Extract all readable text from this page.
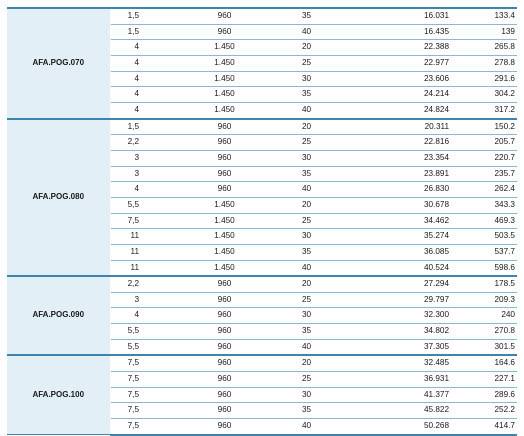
AFA.POG.070	1,5	960	35	16.031	133.4
	1,5	960	40	16.435	139
	4	1.450	20	22.388	265.8
	4	1.450	25	22.977	278.8
	4	1.450	30	23.606	291.6
	4	1.450	35	24.214	304.2
	4	1.450	40	24.824	317.2
AFA.POG.080	1,5	960	20	20.311	150.2
	2,2	960	25	22.816	205.7
	3	960	30	23.354	220.7
	3	960	35	23.891	235.7
	4	960	40	26.830	262.4
	5,5	1.450	20	30.678	343.3
	7,5	1.450	25	34.462	469.3
	11	1.450	30	35.274	503.5
	11	1.450	35	36.085	537.7
	11	1.450	40	40.524	598.6
AFA.POG.090	2,2	960	20	27.294	178.5
	3	960	25	29.797	209.3
	4	960	30	32.300	240
	5,5	960	35	34.802	270.8
	5,5	960	40	37.305	301.5
AFA.POG.100	7,5	960	20	32.485	164.6
	7,5	960	25	36.931	227.1
	7,5	960	30	41.377	289.6
	7,5	960	35	45.822	252.2
	7,5	960	40	50.268	414.7
